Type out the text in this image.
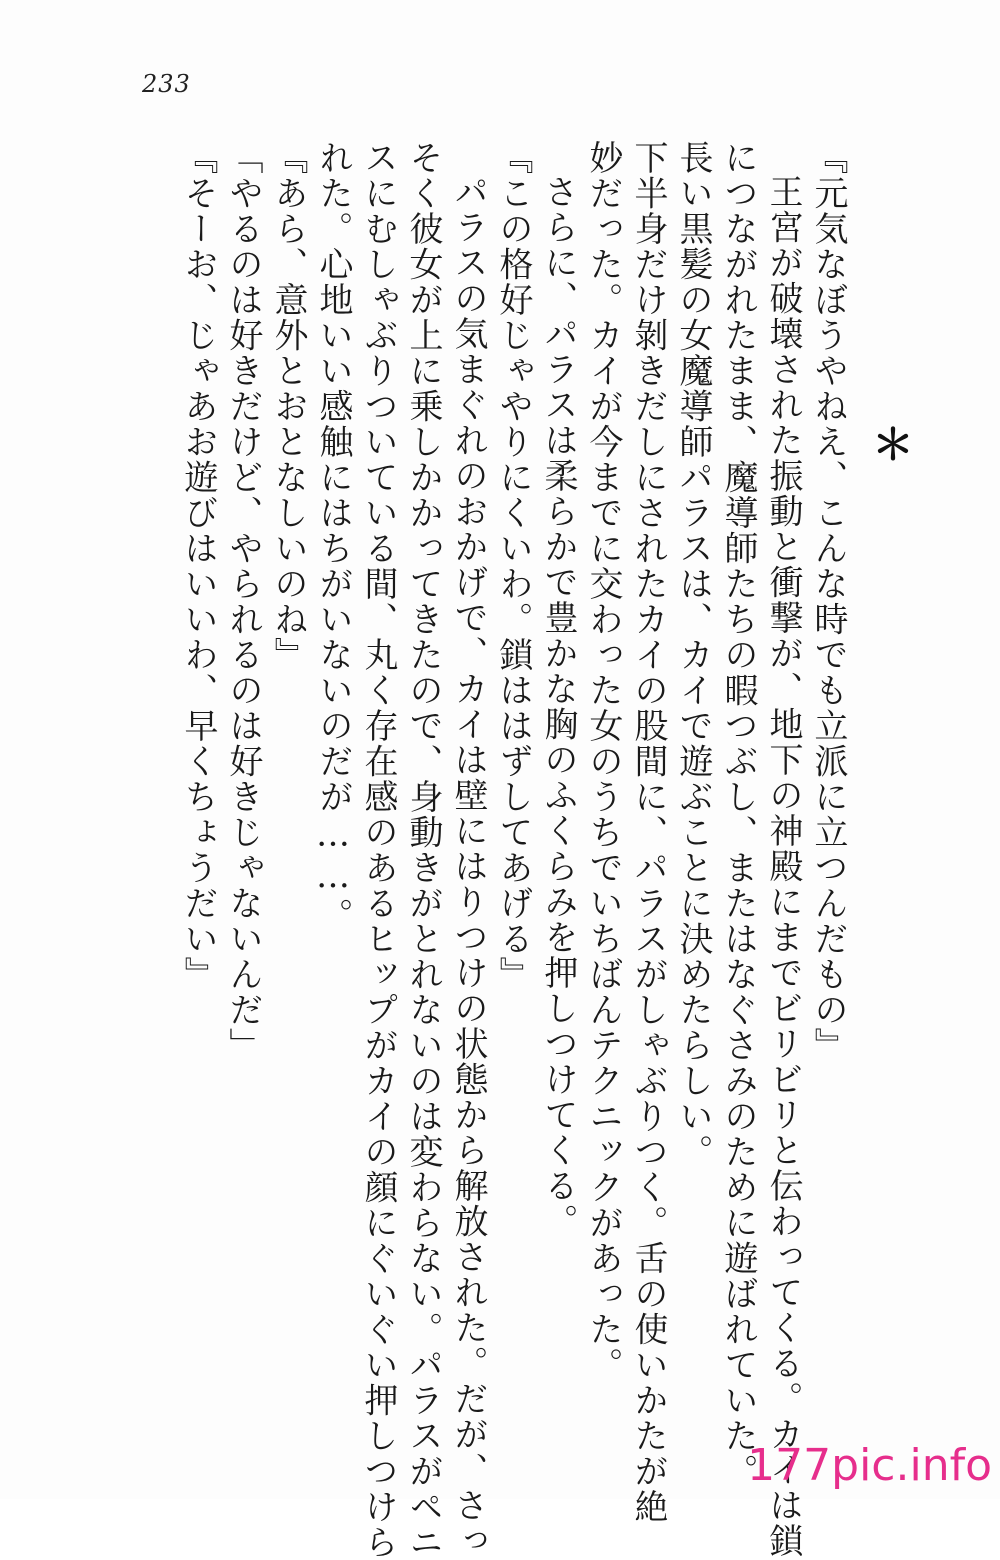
233
＊
『元気なぼうやねえ、こんな時でも立派に立つんだもの』
王宮が破壊された振動と衝撃が、地下の神殿にまでビリビリと伝わってくる。カイは鎖
につながれたまま、魔導師たちの暇つぶし、またはなぐさみのために遊ばれていた。
長い黒髪の女魔導師パラスは、カイで遊ぶことに決めたらしい。
下半身だけ剝きだしにされたカイの股間に、パラスがしゃぶりつく。舌の使いかたが絶
妙だった。カイが今までに交わった女のうちでいちばんテクニックがあった。
さらに、パラスは柔らかで豊かな胸のふくらみを押しつけてくる。
『この格好じゃやりにくいわ。鎖ははずしてあげる』
パラスの気まぐれのおかげで、カイは壁にはりつけの状態から解放された。だが、さっ
そく彼女が上に乗しかかってきたので、身動きがとれないのは変わらない。パラスがペニ
スにむしゃぶりついている間、丸く存在感のあるヒップがカイの顔にぐいぐい押しつけら
れた。心地いい感触にはちがいないのだが……。
『あら、意外とおとなしいのね』
「やるのは好きだけど、やられるのは好きじゃないんだ」
『そーお、じゃあお遊びはいいわ、早くちょうだい』
177pic.info
